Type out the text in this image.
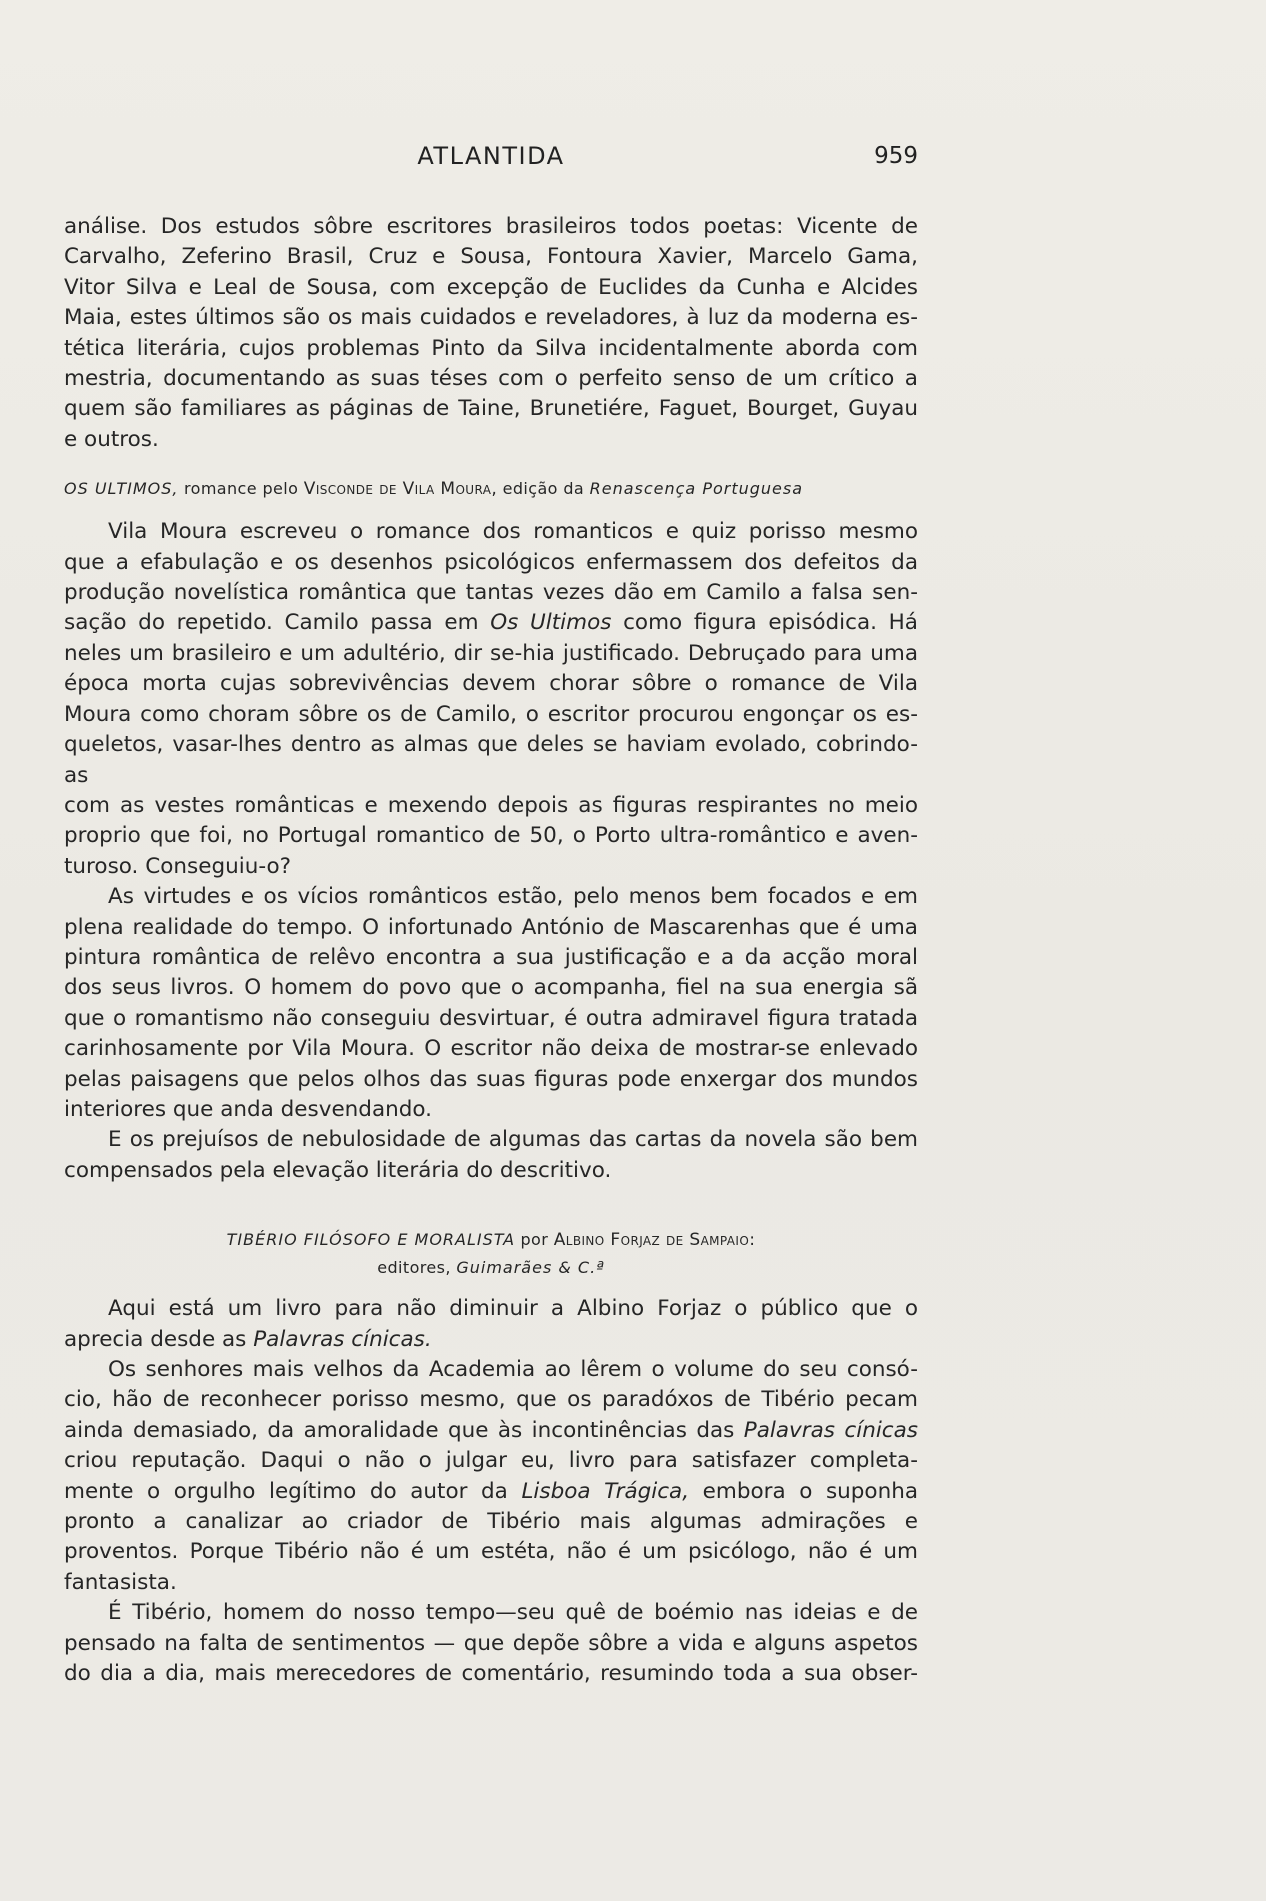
ATLANTIDA	959
análise. Dos estudos sôbre escritores brasileiros todos poetas: Vicente de
Carvalho, Zeferino Brasil, Cruz e Sousa, Fontoura Xavier, Marcelo Gama,
Vitor Silva e Leal de Sousa, com excepção de Euclides da Cunha e Alcides
Maia, estes últimos são os mais cuidados e reveladores, à luz da moderna es-
tética literária, cujos problemas Pinto da Silva incidentalmente aborda com
mestria, documentando as suas téses com o perfeito senso de um crítico a
quem são familiares as páginas de Taine, Brunetiére, Faguet, Bourget, Guyau
e outros.
OS ULTIMOS, romance pelo Visconde de Vila Moura, edição da Renascença Portuguesa
Vila Moura escreveu o romance dos romanticos e quiz porisso mesmo
que a efabulação e os desenhos psicológicos enfermassem dos defeitos da
produção novelística romântica que tantas vezes dão em Camilo a falsa sen-
sação do repetido. Camilo passa em Os Ultimos como figura episódica. Há
neles um brasileiro e um adultério, dir se-hia justificado. Debruçado para uma
época morta cujas sobrevivências devem chorar sôbre o romance de Vila
Moura como choram sôbre os de Camilo, o escritor procurou engonçar os es-
queletos, vasar-lhes dentro as almas que deles se haviam evolado, cobrindo-as
com as vestes românticas e mexendo depois as figuras respirantes no meio
proprio que foi, no Portugal romantico de 50, o Porto ultra-romântico e aven-
turoso. Conseguiu-o?
As virtudes e os vícios românticos estão, pelo menos bem focados e em
plena realidade do tempo. O infortunado António de Mascarenhas que é uma
pintura romântica de relêvo encontra a sua justificação e a da acção moral
dos seus livros. O homem do povo que o acompanha, fiel na sua energia sã
que o romantismo não conseguiu desvirtuar, é outra admiravel figura tratada
carinhosamente por Vila Moura. O escritor não deixa de mostrar-se enlevado
pelas paisagens que pelos olhos das suas figuras pode enxergar dos mundos
interiores que anda desvendando.
E os prejuísos de nebulosidade de algumas das cartas da novela são bem
compensados pela elevação literária do descritivo.
TIBÉRIO FILÓSOFO E MORALISTA por Albino Forjaz de Sampaio:
editores, Guimarães & C.ª
Aqui está um livro para não diminuir a Albino Forjaz o público que o
aprecia desde as Palavras cínicas.
Os senhores mais velhos da Academia ao lêrem o volume do seu consó-
cio, hão de reconhecer porisso mesmo, que os paradóxos de Tibério pecam
ainda demasiado, da amoralidade que às incontinências das Palavras cínicas
criou reputação. Daqui o não o julgar eu, livro para satisfazer completa-
mente o orgulho legítimo do autor da Lisboa Trágica, embora o suponha
pronto a canalizar ao criador de Tibério mais algumas admirações e
proventos. Porque Tibério não é um estéta, não é um psicólogo, não é um
fantasista.
É Tibério, homem do nosso tempo—seu quê de boémio nas ideias e de
pensado na falta de sentimentos — que depõe sôbre a vida e alguns aspetos
do dia a dia, mais merecedores de comentário, resumindo toda a sua obser-
